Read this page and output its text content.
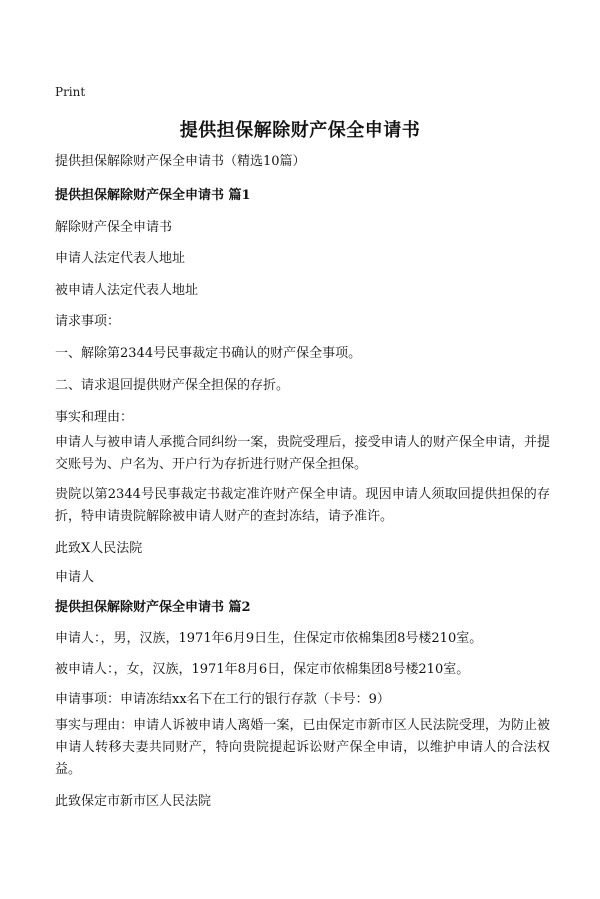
Print
提供担保解除财产保全申请书
提供担保解除财产保全申请书（精选10篇）
提供担保解除财产保全申请书 篇1
解除财产保全申请书
申请人法定代表人地址
被申请人法定代表人地址
请求事项：
一、解除第2344号民事裁定书确认的财产保全事项。
二、请求退回提供财产保全担保的存折。
事实和理由：
申请人与被申请人承揽合同纠纷一案，贵院受理后，接受申请人的财产保全申请，并提交账号为、户名为、开户行为存折进行财产保全担保。
贵院以第2344号民事裁定书裁定准许财产保全申请。现因申请人须取回提供担保的存折，特申请贵院解除被申请人财产的查封冻结，请予准许。
此致X人民法院
申请人
提供担保解除财产保全申请书 篇2
申请人：，男，汉族，1971年6月9日生，住保定市依棉集团8号楼210室。
被申请人：，女，汉族，1971年8月6日，保定市依棉集团8号楼210室。
申请事项：申请冻结xx名下在工行的银行存款（卡号：9）
事实与理由：申请人诉被申请人离婚一案，已由保定市新市区人民法院受理，为防止被申请人转移夫妻共同财产，特向贵院提起诉讼财产保全申请，以维护申请人的合法权益。
此致保定市新市区人民法院
